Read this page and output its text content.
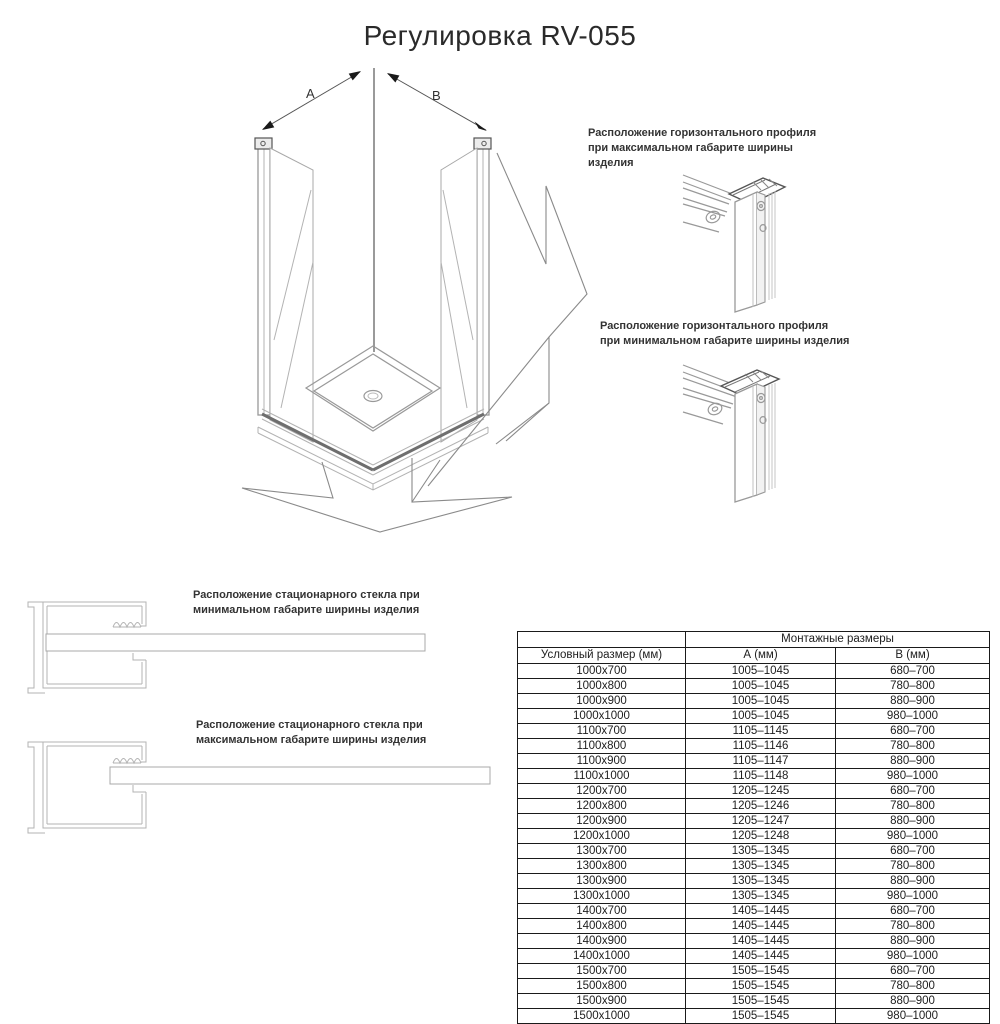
Регулировка RV-055
A	B
Расположение горизонтального профиля при максимальном габарите ширины изделия
Расположение горизонтального профиля при минимальном габарите ширины изделия
Расположение стационарного стекла при минимальном габарите ширины изделия
Расположение стационарного стекла при максимальном габарите ширины изделия
	Монтажные размеры	
Условный размер (мм)	А (мм)	В (мм)
1000x700	1005–1045	680–700
1000x800	1005–1045	780–800
1000x900	1005–1045	880–900
1000x1000	1005–1045	980–1000
1100x700	1105–1145	680–700
1100x800	1105–1146	780–800
1100x900	1105–1147	880–900
1100x1000	1105–1148	980–1000
1200x700	1205–1245	680–700
1200x800	1205–1246	780–800
1200x900	1205–1247	880–900
1200x1000	1205–1248	980–1000
1300x700	1305–1345	680–700
1300x800	1305–1345	780–800
1300x900	1305–1345	880–900
1300x1000	1305–1345	980–1000
1400x700	1405–1445	680–700
1400x800	1405–1445	780–800
1400x900	1405–1445	880–900
1400x1000	1405–1445	980–1000
1500x700	1505–1545	680–700
1500x800	1505–1545	780–800
1500x900	1505–1545	880–900
1500x1000	1505–1545	980–1000
